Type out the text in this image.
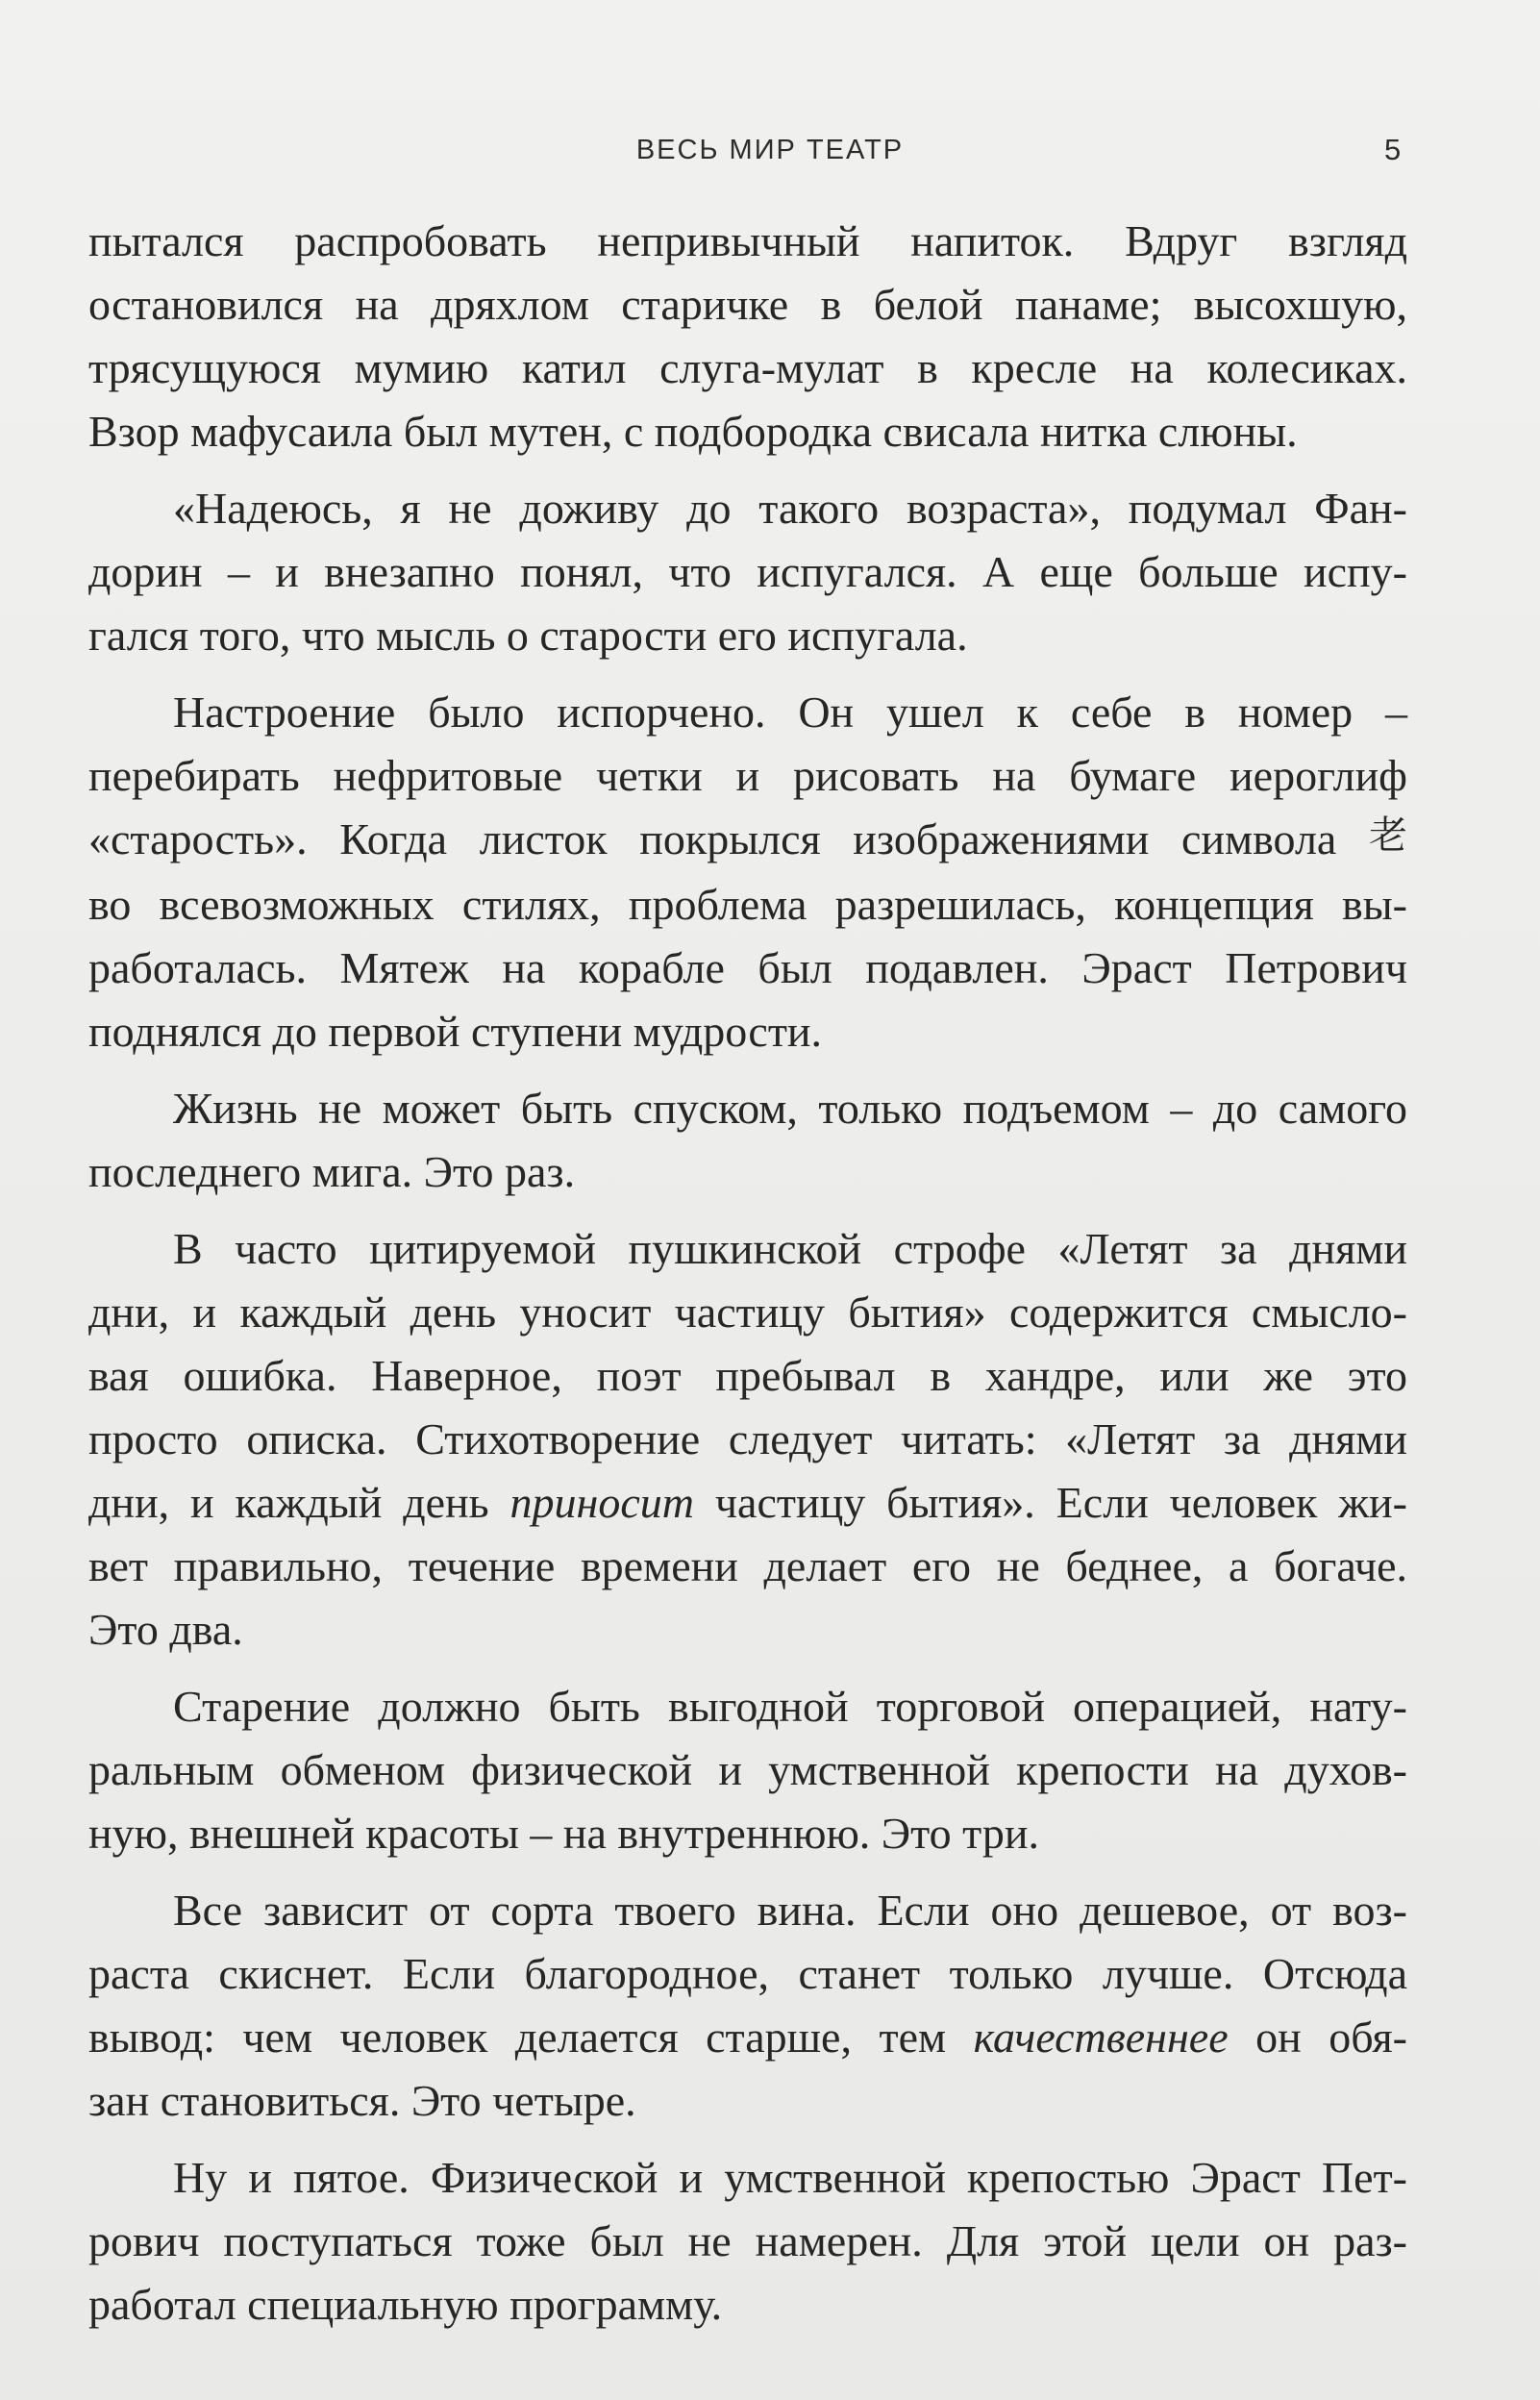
ВЕСЬ МИР ТЕАТР	5
пытался распробовать непривычный напиток. Вдруг взгляд
остановился на дряхлом старичке в белой панаме; высохшую,
трясущуюся мумию катил слуга-мулат в кресле на колесиках.
Взор мафусаила был мутен, с подбородка свисала нитка слюны.
«Надеюсь, я не доживу до такого возраста», подумал Фан-
дорин – и внезапно понял, что испугался. А еще больше испу-
гался того, что мысль о старости его испугала.
Настроение было испорчено. Он ушел к себе в номер –
перебирать нефритовые четки и рисовать на бумаге иероглиф
«старость». Когда листок покрылся изображениями символа 老
во всевозможных стилях, проблема разрешилась, концепция вы-
работалась. Мятеж на корабле был подавлен. Эраст Петрович
поднялся до первой ступени мудрости.
Жизнь не может быть спуском, только подъемом – до самого
последнего мига. Это раз.
В часто цитируемой пушкинской строфе «Летят за днями
дни, и каждый день уносит частицу бытия» содержится смысло-
вая ошибка. Наверное, поэт пребывал в хандре, или же это
просто описка. Стихотворение следует читать: «Летят за днями
дни, и каждый день приносит частицу бытия». Если человек жи-
вет правильно, течение времени делает его не беднее, а богаче.
Это два.
Старение должно быть выгодной торговой операцией, нату-
ральным обменом физической и умственной крепости на духов-
ную, внешней красоты – на внутреннюю. Это три.
Все зависит от сорта твоего вина. Если оно дешевое, от воз-
раста скиснет. Если благородное, станет только лучше. Отсюда
вывод: чем человек делается старше, тем качественнее он обя-
зан становиться. Это четыре.
Ну и пятое. Физической и умственной крепостью Эраст Пет-
рович поступаться тоже был не намерен. Для этой цели он раз-
работал специальную программу.
